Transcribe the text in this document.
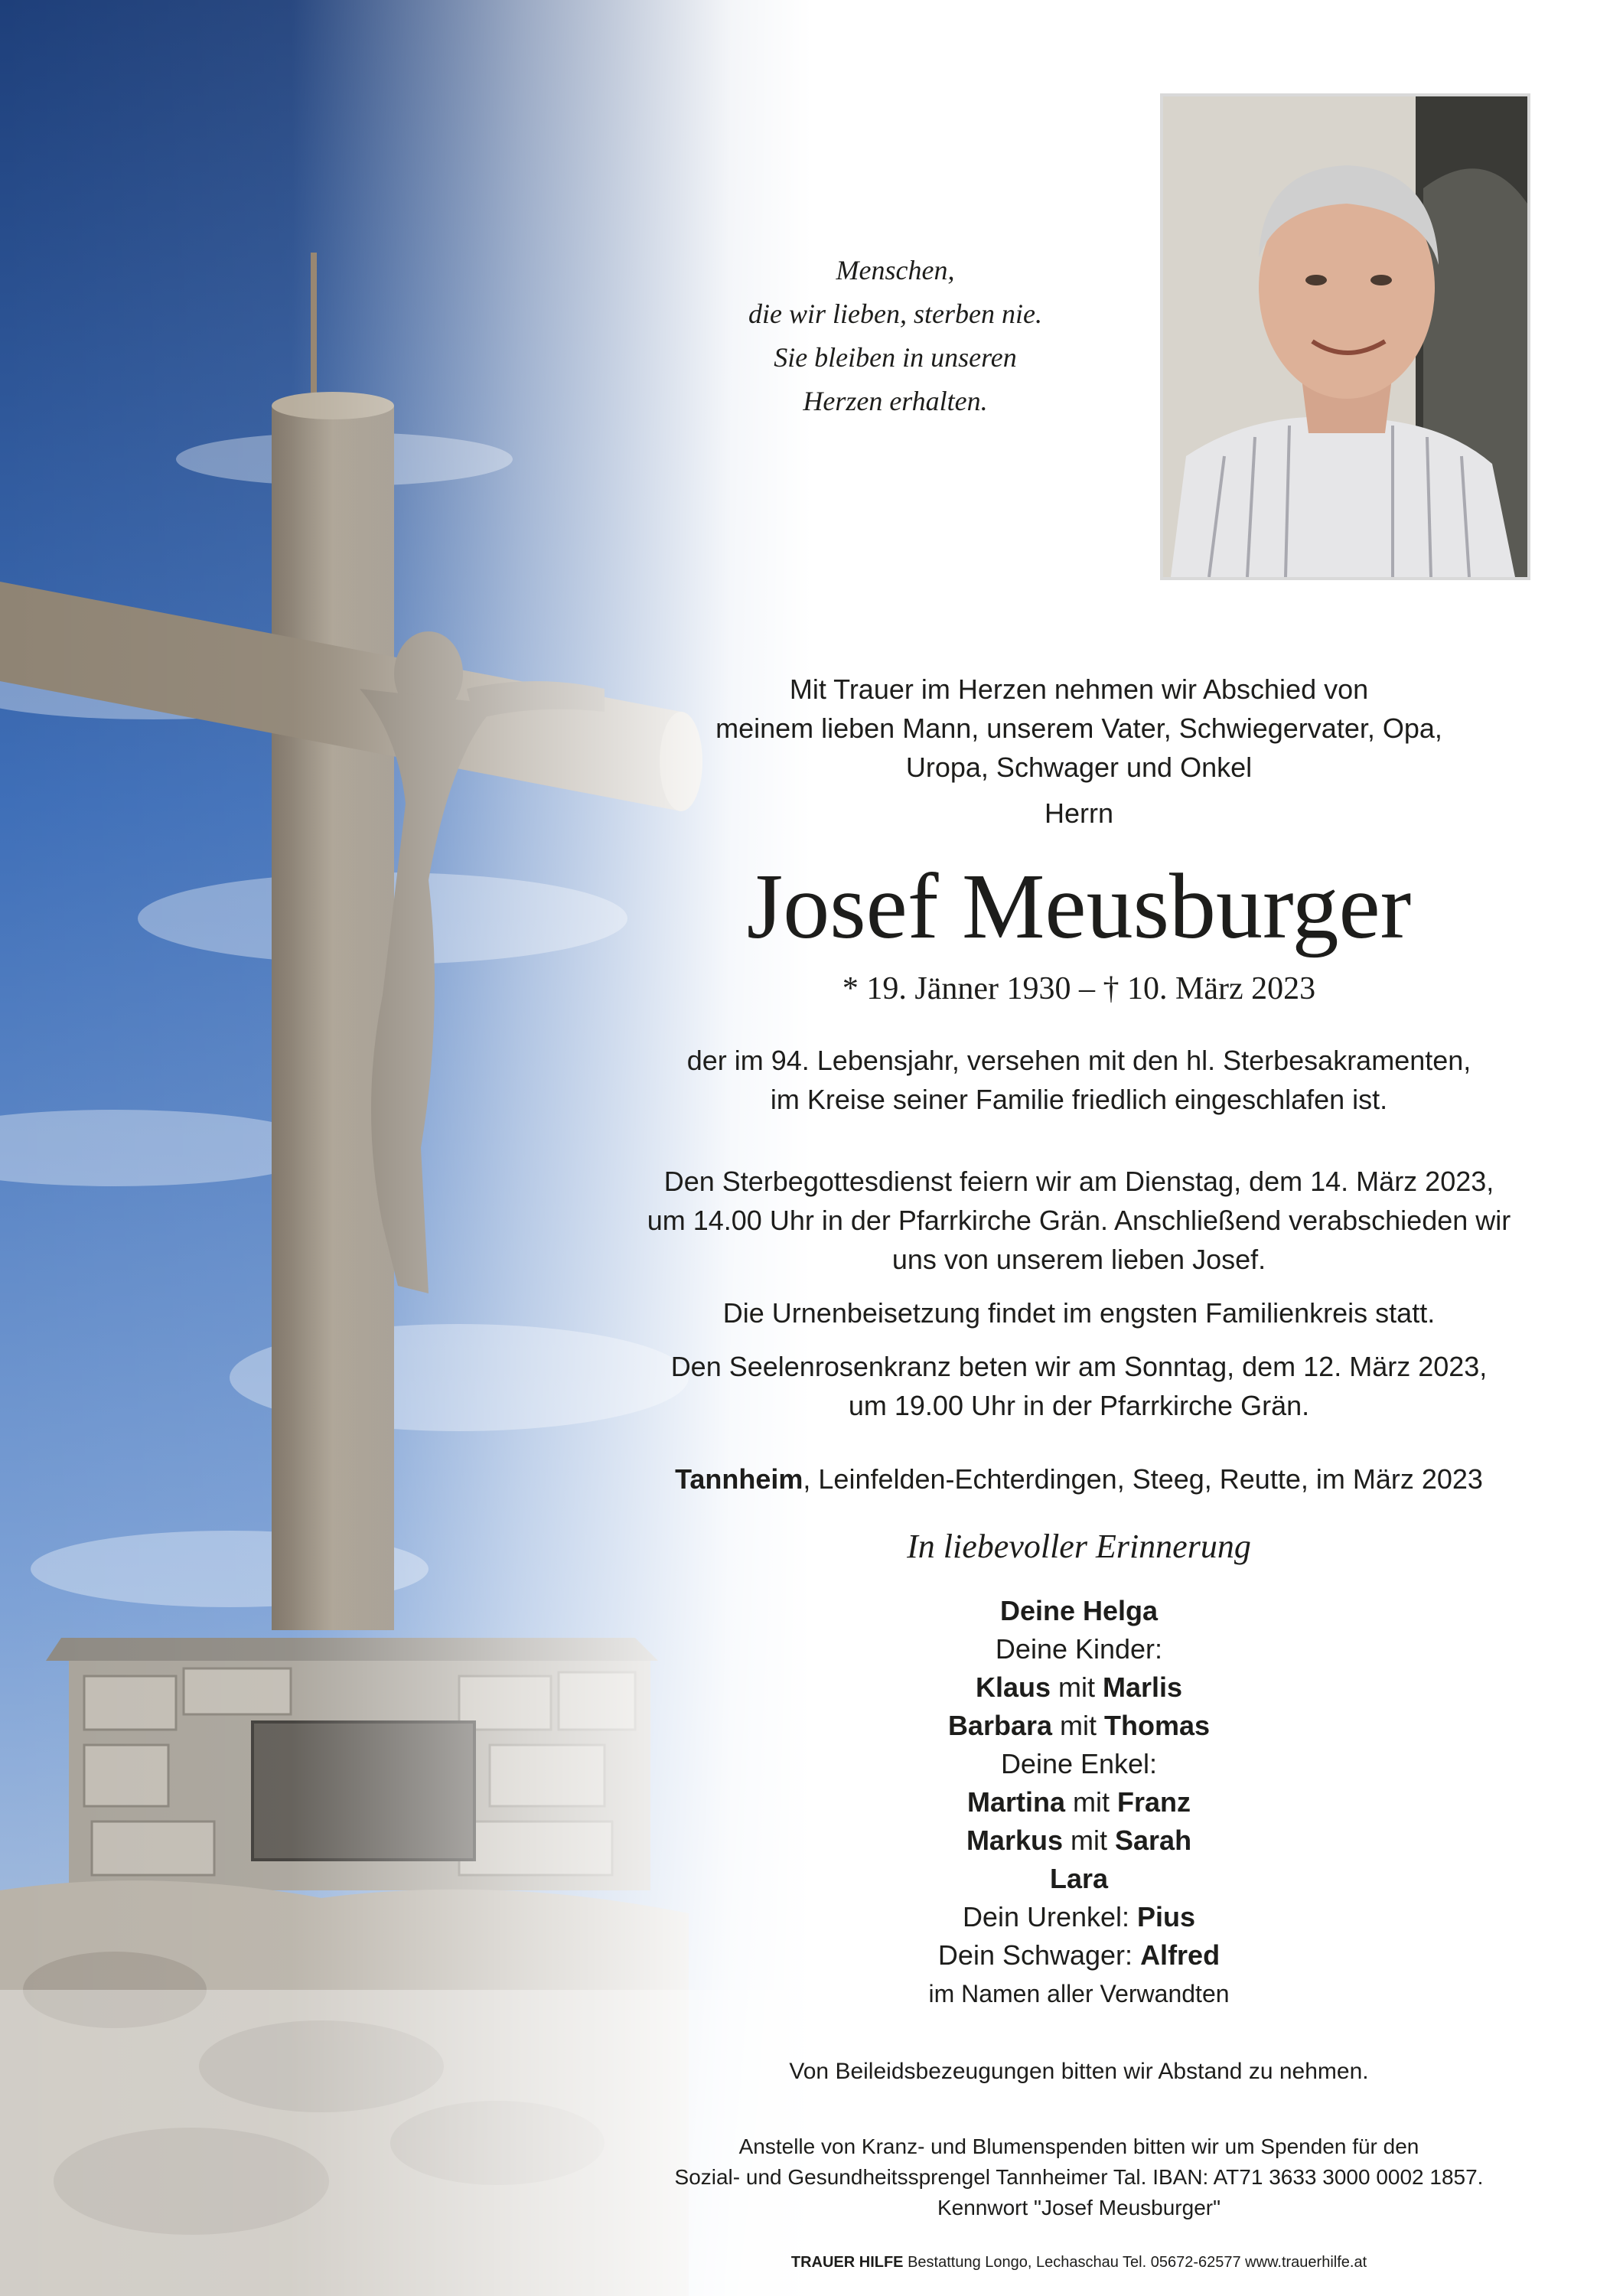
Menschen,
die wir lieben, sterben nie.
Sie bleiben in unseren
Herzen erhalten.
Mit Trauer im Herzen nehmen wir Abschied von
meinem lieben Mann, unserem Vater, Schwiegervater, Opa,
Uropa, Schwager und Onkel
Herrn
Josef Meusburger
* 19. Jänner 1930 – † 10. März 2023
der im 94. Lebensjahr, versehen mit den hl. Sterbesakramenten,
im Kreise seiner Familie friedlich eingeschlafen ist.
Den Sterbegottesdienst feiern wir am Dienstag, dem 14. März 2023,
um 14.00 Uhr in der Pfarrkirche Grän. Anschließend verabschieden wir
uns von unserem lieben Josef.
Die Urnenbeisetzung findet im engsten Familienkreis statt.
Den Seelenrosenkranz beten wir am Sonntag, dem 12. März 2023,
um 19.00 Uhr in der Pfarrkirche Grän.
Tannheim, Leinfelden-Echterdingen, Steeg, Reutte, im März 2023
In liebevoller Erinnerung
Deine Helga
Deine Kinder:
Klaus mit Marlis
Barbara mit Thomas
Deine Enkel:
Martina mit Franz
Markus mit Sarah
Lara
Dein Urenkel: Pius
Dein Schwager: Alfred
im Namen aller Verwandten
Von Beileidsbezeugungen bitten wir Abstand zu nehmen.
Anstelle von Kranz- und Blumenspenden bitten wir um Spenden für den
Sozial- und Gesundheitssprengel Tannheimer Tal. IBAN: AT71 3633 3000 0002 1857.
Kennwort "Josef Meusburger"
TRAUER HILFE Bestattung Longo, Lechaschau Tel. 05672-62577 www.trauerhilfe.at
